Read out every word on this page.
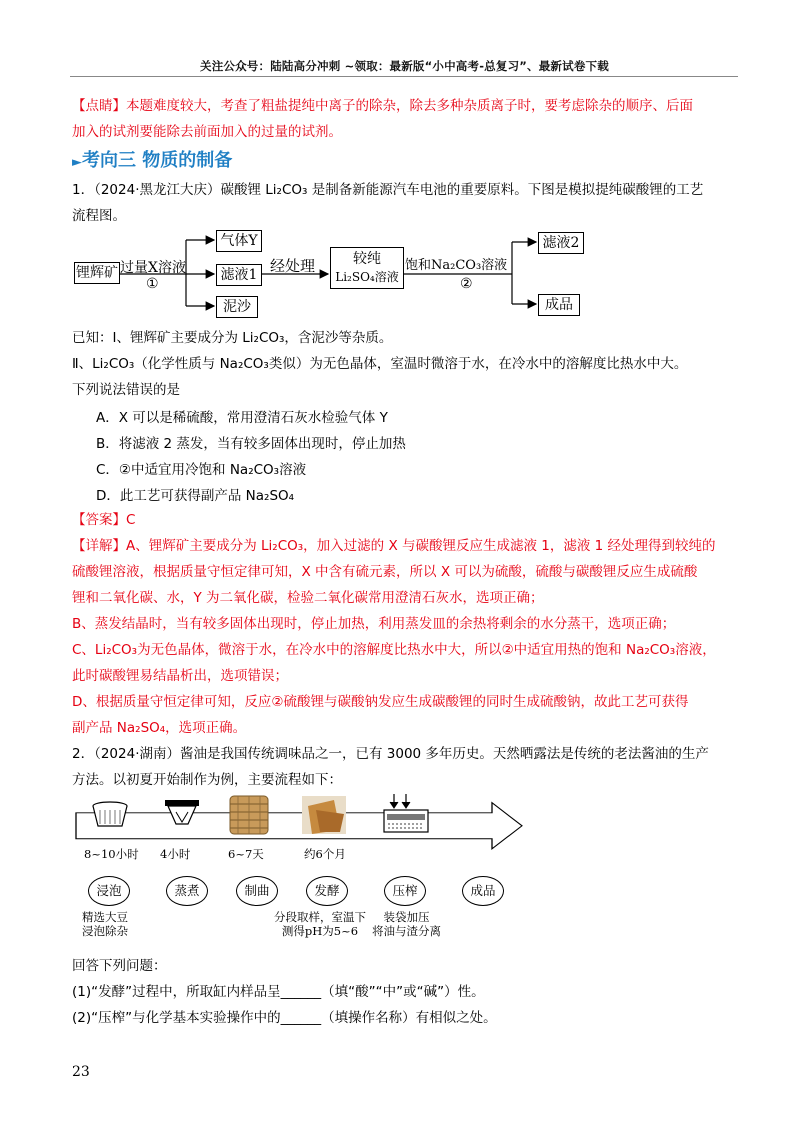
关注公众号：陆陆高分冲刺 ~领取：最新版“小中高考-总复习”、最新试卷下载
【点睛】本题难度较大，考查了粗盐提纯中离子的除杂，除去多种杂质离子时，要考虑除杂的顺序、后面
加入的试剂要能除去前面加入的过量的试剂。
►考向三 物质的制备
1．（2024·黑龙江大庆）碳酸锂 Li₂CO₃ 是制备新能源汽车电池的重要原料。下图是模拟提纯碳酸锂的工艺
流程图。
锂辉矿 过量X溶液
①
气体Y
滤液1
泥沙
经处理	较纯
Li₂SO₄溶液
饱和Na₂CO₃溶液
②
滤液2
成品
已知：Ⅰ、锂辉矿主要成分为 Li₂CO₃，含泥沙等杂质。
Ⅱ、Li₂CO₃（化学性质与 Na₂CO₃类似）为无色晶体，室温时微溶于水，在冷水中的溶解度比热水中大。
下列说法错误的是
A．X 可以是稀硫酸，常用澄清石灰水检验气体 Y
B．将滤液 2 蒸发，当有较多固体出现时，停止加热
C．②中适宜用冷饱和 Na₂CO₃溶液
D．此工艺可获得副产品 Na₂SO₄
【答案】C
【详解】A、锂辉矿主要成分为 Li₂CO₃，加入过滤的 X 与碳酸锂反应生成滤液 1，滤液 1 经处理得到较纯的
硫酸锂溶液，根据质量守恒定律可知，X 中含有硫元素，所以 X 可以为硫酸，硫酸与碳酸锂反应生成硫酸
锂和二氧化碳、水，Y 为二氧化碳，检验二氧化碳常用澄清石灰水，选项正确；
B、蒸发结晶时，当有较多固体出现时，停止加热，利用蒸发皿的余热将剩余的水分蒸干，选项正确；
C、Li₂CO₃为无色晶体，微溶于水，在冷水中的溶解度比热水中大，所以②中适宜用热的饱和 Na₂CO₃溶液，
此时碳酸锂易结晶析出，选项错误；
D、根据质量守恒定律可知，反应②硫酸锂与碳酸钠发应生成碳酸锂的同时生成硫酸钠，故此工艺可获得
副产品 Na₂SO₄，选项正确。
2．（2024·湖南）酱油是我国传统调味品之一，已有 3000 多年历史。天然晒露法是传统的老法酱油的生产
方法。以初夏开始制作为例，主要流程如下：
8~10小时 4小时	6~7天	约6个月
浸泡	蒸煮	制曲	发酵	压榨	成品
精选大豆
浸泡除杂
分段取样，室温下
测得pH为5~6
装袋加压
将油与渣分离
回答下列问题：
(1)“发酵”过程中，所取缸内样品呈______（填“酸”“中”或“碱”）性。
(2)“压榨”与化学基本实验操作中的______（填操作名称）有相似之处。
23
